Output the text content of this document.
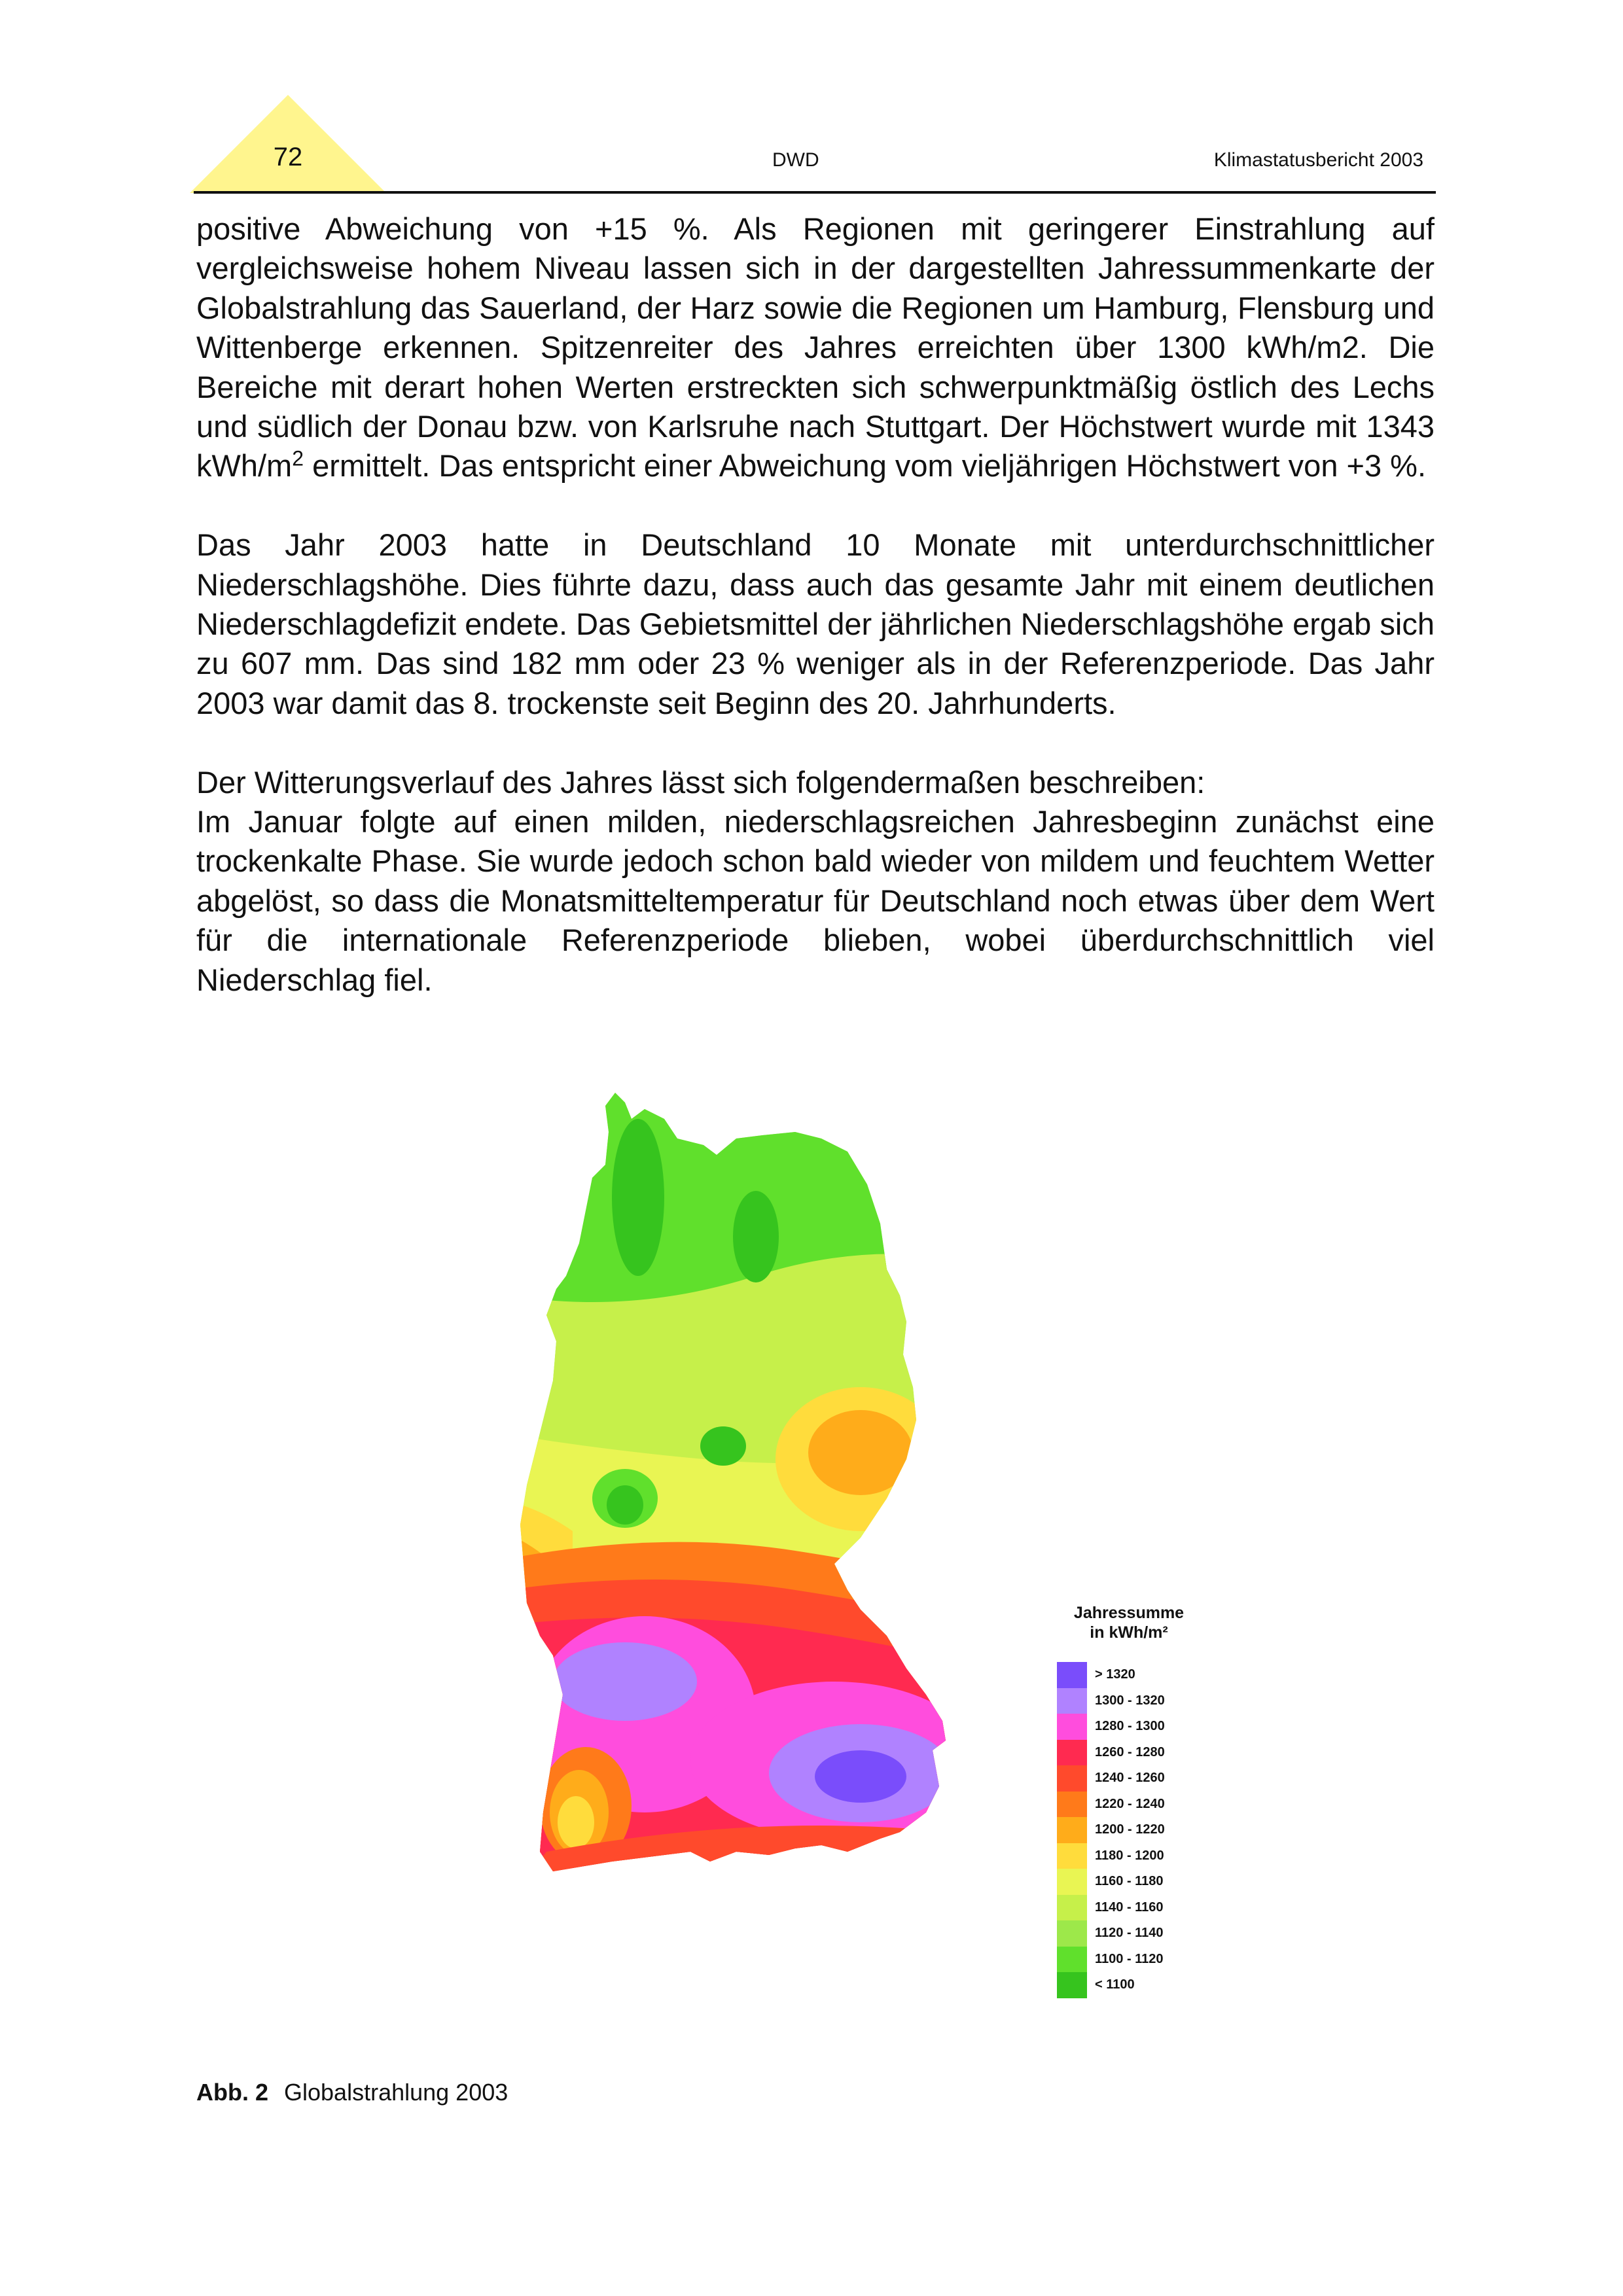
72	DWD	Klimastatusbericht 2003

positive Abweichung von +15 %. Als Regionen mit geringerer Einstrahlung auf vergleichsweise hohem Niveau lassen sich in der dargestellten Jahressummenkarte der Globalstrahlung das Sauerland, der Harz sowie die Regionen um Hamburg, Flensburg und Wittenberge erkennen. Spitzenreiter des Jahres erreichten über 1300 kWh/m2. Die Bereiche mit derart hohen Werten erstreckten sich schwerpunktmäßig östlich des Lechs und südlich der Donau bzw. von Karlsruhe nach Stuttgart. Der Höchstwert wurde mit 1343 kWh/$m^2$ ermittelt. Das entspricht einer Abweichung vom vieljährigen Höchstwert von +3 %.

Das Jahr 2003 hatte in Deutschland 10 Monate mit unterdurchschnittlicher Niederschlagshöhe. Dies führte dazu, dass auch das gesamte Jahr mit einem deutlichen Niederschlagdefizit endete. Das Gebietsmittel der jährlichen Niederschlagshöhe ergab sich zu 607 mm. Das sind 182 mm oder 23 % weniger als in der Referenzperiode. Das Jahr 2003 war damit das 8. trockenste seit Beginn des 20. Jahrhunderts.

Der Witterungsverlauf des Jahres lässt sich folgendermaßen beschreiben:
Im Januar folgte auf einen milden, niederschlagsreichen Jahresbeginn zunächst eine trockenkalte Phase. Sie wurde jedoch schon bald wieder von mildem und feuchtem Wetter abgelöst, so dass die Monatsmitteltemperatur für Deutschland noch etwas über dem Wert für die internationale Referenzperiode blieben, wobei überdurchschnittlich viel Niederschlag fiel.

Jahressumme
in kWh/m²
> 1320
1300 - 1320
1280 - 1300
1260 - 1280
1240 - 1260
1220 - 1240
1200 - 1220
1180 - 1200
1160 - 1180
1140 - 1160
1120 - 1140
1100 - 1120
< 1100
Abb. 2 Globalstrahlung 2003
